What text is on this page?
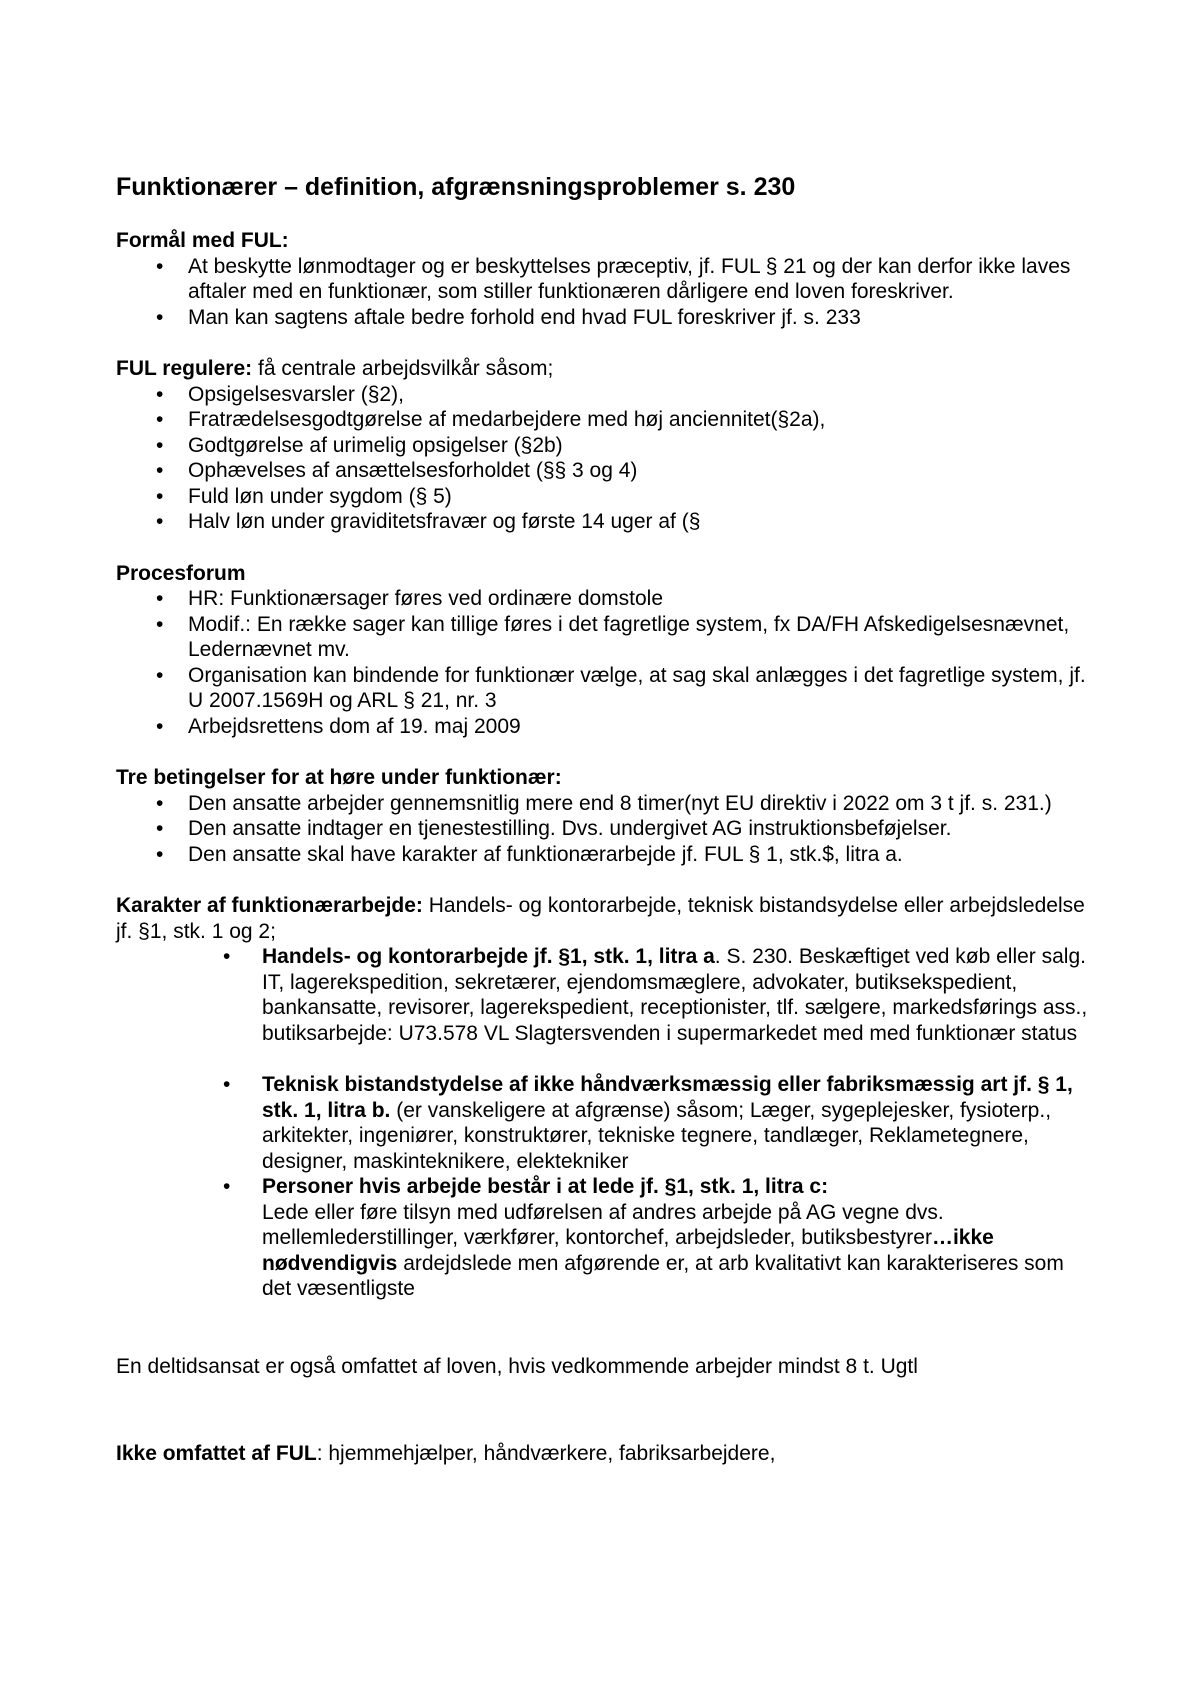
Funktionærer – definition, afgrænsningsproblemer s. 230

Formål med FUL:

• At beskytte lønmodtager og er beskyttelses præceptiv, jf. FUL § 21 og der kan derfor ikke laves aftaler med en funktionær, som stiller funktionæren dårligere end loven foreskriver.
• Man kan sagtens aftale bedre forhold end hvad FUL foreskriver jf. s. 233

FUL regulere: få centrale arbejdsvilkår såsom;

• Opsigelsesvarsler (§2),
• Fratrædelsesgodtgørelse af medarbejdere med høj anciennitet(§2a),
• Godtgørelse af urimelig opsigelser (§2b)
• Ophævelses af ansættelsesforholdet (§§ 3 og 4)
• Fuld løn under sygdom (§ 5)
• Halv løn under graviditetsfravær og første 14 uger af (§

Procesforum

• HR: Funktionærsager føres ved ordinære domstole
• Modif.: En række sager kan tillige føres i det fagretlige system, fx DA/FH Afskedigelsesnævnet, Ledernævnet mv.
• Organisation kan bindende for funktionær vælge, at sag skal anlægges i det fagretlige system, jf. U 2007.1569H og ARL § 21, nr. 3
• Arbejdsrettens dom af 19. maj 2009

Tre betingelser for at høre under funktionær:

• Den ansatte arbejder gennemsnitlig mere end 8 timer(nyt EU direktiv i 2022 om 3 t jf. s. 231.)
• Den ansatte indtager en tjenestestilling. Dvs. undergivet AG instruktionsbeføjelser.
• Den ansatte skal have karakter af funktionærarbejde jf. FUL § 1, stk.$, litra a.

Karakter af funktionærarbejde: Handels- og kontorarbejde, teknisk bistandsydelse eller arbejdsledelse jf. §1, stk. 1 og 2;

• Handels- og kontorarbejde jf. §1, stk. 1, litra a. S. 230. Beskæftiget ved køb eller salg. IT, lagerekspedition, sekretærer, ejendomsmæglere, advokater, butiksekspedient, bankansatte, revisorer, lagerekspedient, receptionister, tlf. sælgere, markedsførings ass., butiksarbejde: U73.578 VL Slagtersvenden i supermarkedet med med funktionær status
• Teknisk bistandstydelse af ikke håndværksmæssig eller fabriksmæssig art jf. § 1, stk. 1, litra b. (er vanskeligere at afgrænse) såsom; Læger, sygeplejesker, fysioterp., arkitekter, ingeniører, konstruktører, tekniske tegnere, tandlæger, Reklametegnere, designer, maskinteknikere, elektekniker
• Personer hvis arbejde består i at lede jf. §1, stk. 1, litra c:
Lede eller føre tilsyn med udførelsen af andres arbejde på AG vegne dvs. mellemlederstillinger, værkfører, kontorchef, arbejdsleder, butiksbestyrer…ikke nødvendigvis ardejdslede men afgørende er, at arb kvalitativt kan karakteriseres som det væsentligste

En deltidsansat er også omfattet af loven, hvis vedkommende arbejder mindst 8 t. Ugtl

Ikke omfattet af FUL: hjemmehjælper, håndværkere, fabriksarbejdere,
